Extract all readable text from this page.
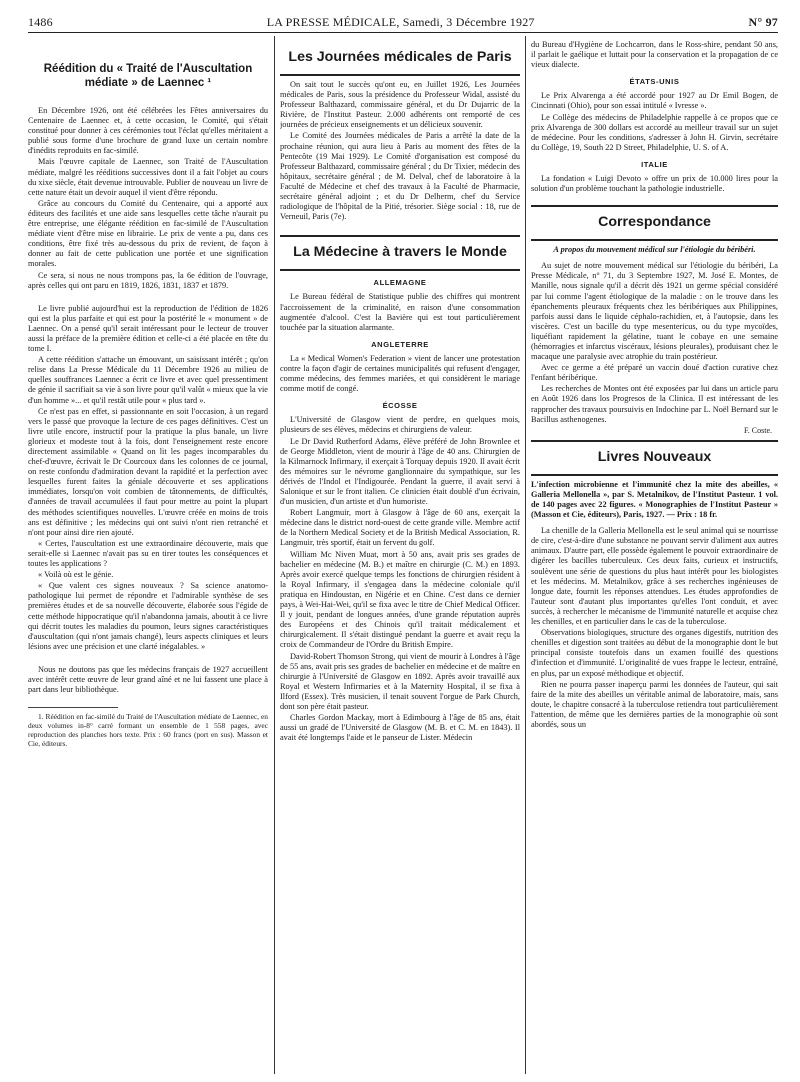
1486	LA PRESSE MÉDICALE, Samedi, 3 Décembre 1927	N° 97
Réédition du « Traité de l'Auscultation médiate » de Laennec ¹

En Décembre 1926, ont été célébrées les Fêtes anniversaires du Centenaire de Laennec et, à cette occasion, le Comité, qui s'était constitué pour donner à ces cérémonies tout l'éclat qu'elles méritaient a publié sous forme d'une brochure de grand luxe un certain nombre d'inédits reproduits en fac-similé.

Mais l'œuvre capitale de Laennec, son Traité de l'Auscultation médiate, malgré les rééditions successives dont il a fait l'objet au cours du xixe siècle, était devenue introuvable. Publier de nouveau un livre de cette nature était un devoir auquel il vient d'être répondu.

Grâce au concours du Comité du Centenaire, qui a apporté aux éditeurs des facilités et une aide sans lesquelles cette tâche n'aurait pu être entreprise, une élégante réédition en fac-similé de l'Auscultation médiate vient d'être mise en librairie. Le prix de vente a pu, dans ces conditions, être fixé très au-dessous du prix de revient, de façon à donner au fait de cette publication une portée et une signification morales.

Ce sera, si nous ne nous trompons pas, la 6e édition de l'ouvrage, après celles qui ont paru en 1819, 1826, 1831, 1837 et 1879.

Le livre publié aujourd'hui est la reproduction de l'édition de 1826 qui est la plus parfaite et qui est pour la postérité le « monument » de Laennec. On a pensé qu'il serait intéressant pour le lecteur de trouver aussi la préface de la première édition et celle-ci a été placée en tête du tome I.

A cette réédition s'attache un émouvant, un saisissant intérêt ; qu'on relise dans La Presse Médicale du 11 Décembre 1926 au milieu de quelles souffrances Laennec a écrit ce livre et avec quel pressentiment de génie il sacrifiait sa vie à son livre pour qu'il valût « mieux que la vie d'un homme »... et qu'il restât utile pour « plus tard ».

Ce n'est pas en effet, si passionnante en soit l'occasion, à un regard vers le passé que provoque la lecture de ces pages définitives. C'est un livre utile encore, instructif pour la pratique la plus banale, un livre glorieux et modeste tout à la fois, dont l'enseignement reste encore directement assimilable « Quand on lit les pages incomparables du chef-d'œuvre, écrivait le Dr Courcoux dans les colonnes de ce journal, on reste confondu d'admiration devant la rapidité et la perfection avec lesquelles furent faites la géniale découverte et ses applications immédiates, lorsqu'on voit combien de tâtonnements, de difficultés, d'années de travail accumulées il faut pour mettre au point la plupart des méthodes scientifiques nouvelles. L'œuvre créée en moins de trois ans est définitive ; les médecins qui ont suivi n'ont rien retranché et n'ont pour ainsi dire rien ajouté.

« Certes, l'auscultation est une extraordinaire découverte, mais que serait-elle si Laennec n'avait pas su en tirer toutes les conséquences et toutes les applications ?

« Voilà où est le génie.

« Que valent ces signes nouveaux ? Sa science anatomo-pathologique lui permet de répondre et l'admirable synthèse de ses premières études et de sa nouvelle découverte, élaborée sous l'égide de cette méthode hippocratique qu'il n'abandonna jamais, aboutit à ce livre qui décrit toutes les maladies du poumon, leurs signes caractéristiques d'auscultation (qui n'ont jamais changé), leurs aspects cliniques et leurs lésions avec une précision et une clarté inégalables. »

Nous ne doutons pas que les médecins français de 1927 accueillent avec intérêt cette œuvre de leur grand aîné et ne lui fassent une place à part dans leur bibliothèque.

1. Réédition en fac-similé du Traité de l'Auscultation médiate de Laennec, en deux volumes in-8° carré formant un ensemble de 1 558 pages, avec reproduction des planches hors texte. Prix : 60 francs (port en sus). Masson et Cie, éditeurs.

Les Journées médicales de Paris

On sait tout le succès qu'ont eu, en Juillet 1926, Les Journées médicales de Paris, sous la présidence du Professeur Widal, assisté du Professeur Balthazard, commissaire général, et du Dr Dujarric de la Rivière, de l'Institut Pasteur. 2.000 adhérents ont remporté de ces journées de précieux enseignements et un délicieux souvenir.

Le Comité des Journées médicales de Paris a arrêté la date de la prochaine réunion, qui aura lieu à Paris au moment des fêtes de la Pentecôte (19 Mai 1929). Le Comité d'organisation est composé du Professeur Balthazard, commissaire général ; du Dr Tixier, médecin des hôpitaux, secrétaire général ; de M. Delval, chef de laboratoire à la Faculté de Médecine et chef des travaux à la Faculté de Pharmacie, secrétaire général adjoint ; et du Dr Delherm, chef du Service radiologique de l'hôpital de la Pitié, trésorier. Siège social : 18, rue de Verneuil, Paris (7e).

La Médecine à travers le Monde
ALLEMAGNE

Le Bureau fédéral de Statistique publie des chiffres qui montrent l'accroissement de la criminalité, en raison d'une consommation augmentée d'alcool. C'est la Bavière qui est tout particulièrement touchée par la situation alarmante.

ANGLETERRE

La « Medical Women's Federation » vient de lancer une protestation contre la façon d'agir de certaines municipalités qui refusent d'engager, comme médecins, des femmes mariées, et qui considèrent le mariage comme motif de congé.

ÉCOSSE

L'Université de Glasgow vient de perdre, en quelques mois, plusieurs de ses élèves, médecins et chirurgiens de valeur.

Le Dr David Rutherford Adams, élève préféré de John Brownlee et de George Middleton, vient de mourir à l'âge de 40 ans. Chirurgien de la Kilmarnock Infirmary, il exerçait à Torquay depuis 1920. Il avait écrit des mémoires sur le névrome ganglionnaire du sympathique, sur les dérivés de l'Indol et l'Indigourée. Pendant la guerre, il avait servi à Salonique et sur le front italien. Ce clinicien était doublé d'un écrivain, d'un musicien, d'un artiste et d'un humoriste.

Robert Langmuir, mort à Glasgow à l'âge de 60 ans, exerçait la médecine dans le district nord-ouest de cette grande ville. Membre actif de la Northern Medical Society et de la British Medical Association, R. Langmuir, très sportif, était un fervent du golf.

William Mc Niven Muat, mort à 50 ans, avait pris ses grades de bachelier en médecine (M. B.) et maître en chirurgie (C. M.) en 1893. Après avoir exercé quelque temps les fonctions de chirurgien résident à la Royal Infirmary, il s'engagea dans la médecine coloniale qu'il pratiqua en Hindoustan, en Nigérie et en Chine. C'est dans ce dernier pays, à Wei-Hai-Wei, qu'il se fixa avec le titre de Chief Medical Officer. Il y jouit, pendant de longues années, d'une grande réputation auprès des Européens et des Chinois qu'il traitait médicalement et chirurgicalement. Il s'était distingué pendant la guerre et avait reçu la croix de Commandeur de l'Ordre du British Empire.

David-Robert Thomson Strong, qui vient de mourir à Londres à l'âge de 55 ans, avait pris ses grades de bachelier en médecine et de maître en chirurgie à l'Université de Glasgow en 1892. Après avoir travaillé aux Royal et Western Infirmaries et à la Maternity Hospital, il se fixa à Ilford (Essex). Très musicien, il tenait souvent l'orgue de Park Church, dont son père était pasteur.

Charles Gordon Mackay, mort à Edimbourg à l'âge de 85 ans, était aussi un gradé de l'Université de Glasgow (M. B. et C. M. en 1843). Il avait été longtemps l'aide et le panseur de Lister. Médecin

du Bureau d'Hygiène de Lochcarron, dans le Ross-shire, pendant 50 ans, il parlait le gaélique et luttait pour la conservation et la propagation de ce vieux dialecte.

ÉTATS-UNIS

Le Prix Alvarenga a été accordé pour 1927 au Dr Emil Bogen, de Cincinnati (Ohio), pour son essai intitulé « Ivresse ».

Le Collège des médecins de Philadelphie rappelle à ce propos que ce prix Alvarenga de 300 dollars est accordé au meilleur travail sur un sujet de médecine. Pour les conditions, s'adresser à John H. Girvin, secrétaire du Collège, 19, South 22 D Street, Philadelphie, U. S. of A.

ITALIE

La fondation « Luigi Devoto » offre un prix de 10.000 lires pour la solution d'un problème touchant la pathologie industrielle.

Correspondance
A propos du mouvement médical sur l'étiologie du béribéri.

Au sujet de notre mouvement médical sur l'étiologie du béribéri, La Presse Médicale, n° 71, du 3 Septembre 1927, M. José E. Montes, de Manille, nous signale qu'il a décrit dès 1921 un germe spécial considéré par lui comme l'agent étiologique de la maladie : on le trouve dans les épanchements pleuraux fréquents chez les béribériques aux Philippines, parfois aussi dans le liquide céphalo-rachidien, et, à l'autopsie, dans les viscères. C'est un bacille du type mesentericus, ou du type mycoïdes, liquéfiant rapidement la gélatine, tuant le cobaye en une semaine (hémorragies et infarctus viscéraux, lésions pleurales), produisant chez le macaque une paralysie avec atrophie du train postérieur.

Avec ce germe a été préparé un vaccin doué d'action curative chez l'enfant béribérique.

Les recherches de Montes ont été exposées par lui dans un article paru en Août 1926 dans los Progresos de la Clinica. Il est intéressant de les rapprocher des travaux poursuivis en Indochine par L. Noël Bernard sur le Bacillus asthenogenes.

F. Coste.
Livres Nouveaux

L'infection microbienne et l'immunité chez la mite des abeilles, « Galleria Mellonella », par S. Metalnikov, de l'Institut Pasteur. 1 vol. de 140 pages avec 22 figures. « Monographies de l'Institut Pasteur » (Masson et Cie, éditeurs), Paris, 1927. — Prix : 18 fr.

La chenille de la Galleria Mellonella est le seul animal qui se nourrisse de cire, c'est-à-dire d'une substance ne pouvant servir d'aliment aux autres animaux. D'autre part, elle possède également le pouvoir extraordinaire de digérer les bacilles tuberculeux. Ces deux faits, curieux et instructifs, soulèvent une série de questions du plus haut intérêt pour les biologistes et les médecins. M. Metalnikov, grâce à ses recherches ingénieuses de longue date, fournit les réponses attendues. Les études approfondies de l'auteur sont d'autant plus importantes qu'elles l'ont conduit, et avec succès, à rechercher le mécanisme de l'immunité naturelle et acquise chez les chenilles, et en particulier dans le cas de la tuberculose.

Observations biologiques, structure des organes digestifs, nutrition des chenilles et digestion sont traitées au début de la monographie dont le but principal consiste toutefois dans un examen fouillé des questions d'infection et d'immunité. L'originalité de vues frappe le lecteur, entraîné, en plus, par un exposé méthodique et objectif.

Rien ne pourra passer inaperçu parmi les données de l'auteur, qui sait faire de la mite des abeilles un véritable animal de laboratoire, mais, sans doute, le chapitre consacré à la tuberculose retiendra tout particulièrement l'attention, de même que les dernières parties de la monographie où sont abordés, sous un
